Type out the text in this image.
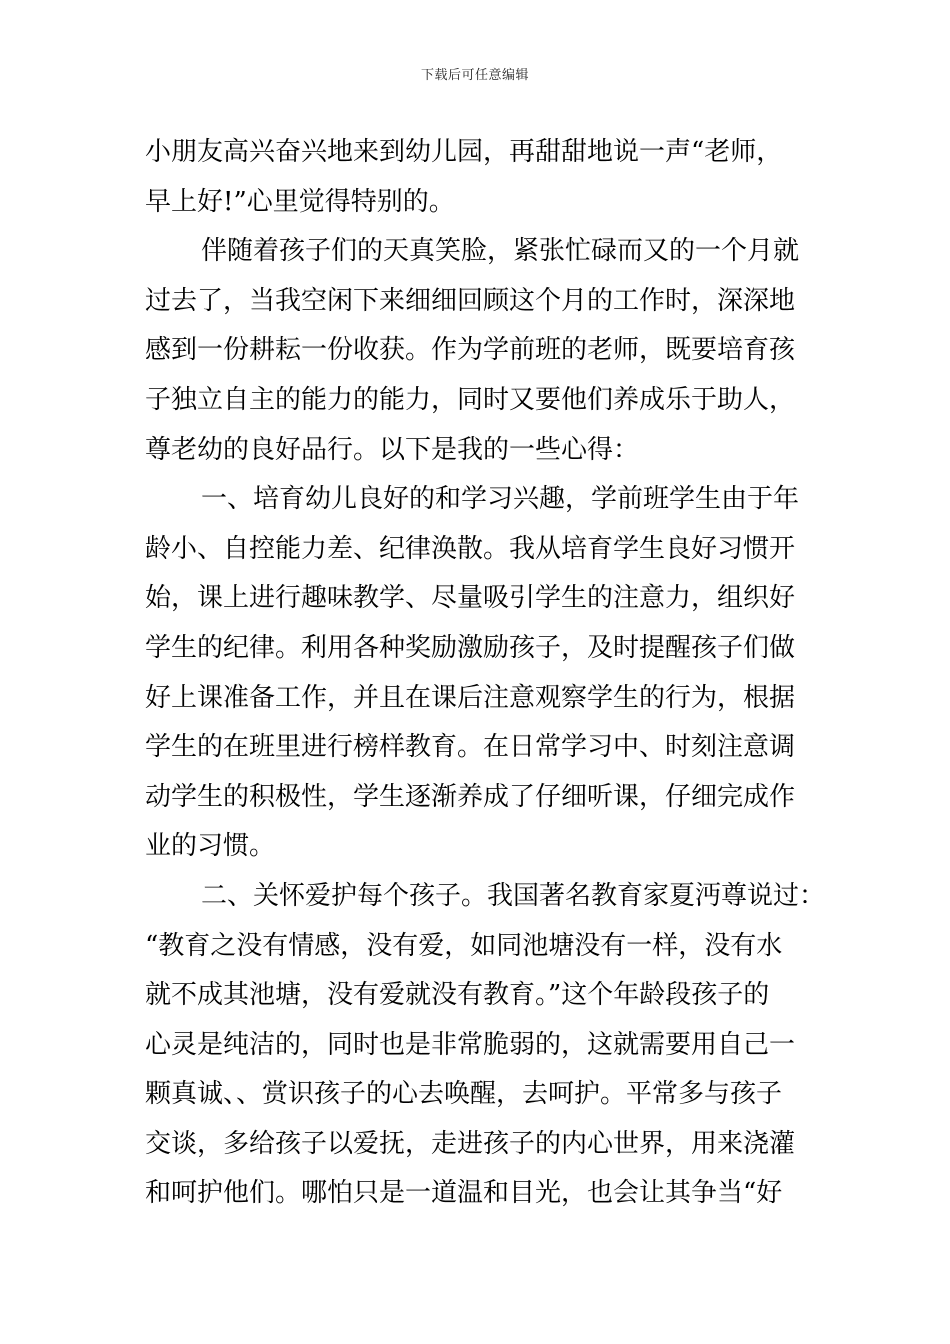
下载后可任意编辑
小朋友高兴奋兴地来到幼儿园，再甜甜地说一声“老师，
早上好!”心里觉得特别的。
伴随着孩子们的天真笑脸，紧张忙碌而又的一个月就
过去了，当我空闲下来细细回顾这个月的工作时，深深地
感到一份耕耘一份收获。作为学前班的老师，既要培育孩
子独立自主的能力的能力，同时又要他们养成乐于助人，
尊老幼的良好品行。以下是我的一些心得：
一、培育幼儿良好的和学习兴趣，学前班学生由于年
龄小、自控能力差、纪律涣散。我从培育学生良好习惯开
始，课上进行趣味教学、尽量吸引学生的注意力，组织好
学生的纪律。利用各种奖励激励孩子，及时提醒孩子们做
好上课准备工作，并且在课后注意观察学生的行为，根据
学生的在班里进行榜样教育。在日常学习中、时刻注意调
动学生的积极性，学生逐渐养成了仔细听课，仔细完成作
业的习惯。
二、关怀爱护每个孩子。我国著名教育家夏沔尊说过：
“教育之没有情感，没有爱，如同池塘没有一样，没有水
就不成其池塘，没有爱就没有教育。”这个年龄段孩子的
心灵是纯洁的，同时也是非常脆弱的，这就需要用自己一
颗真诚、、赏识孩子的心去唤醒，去呵护。平常多与孩子
交谈，多给孩子以爱抚，走进孩子的内心世界，用来浇灌
和呵护他们。哪怕只是一道温和目光，也会让其争当“好
